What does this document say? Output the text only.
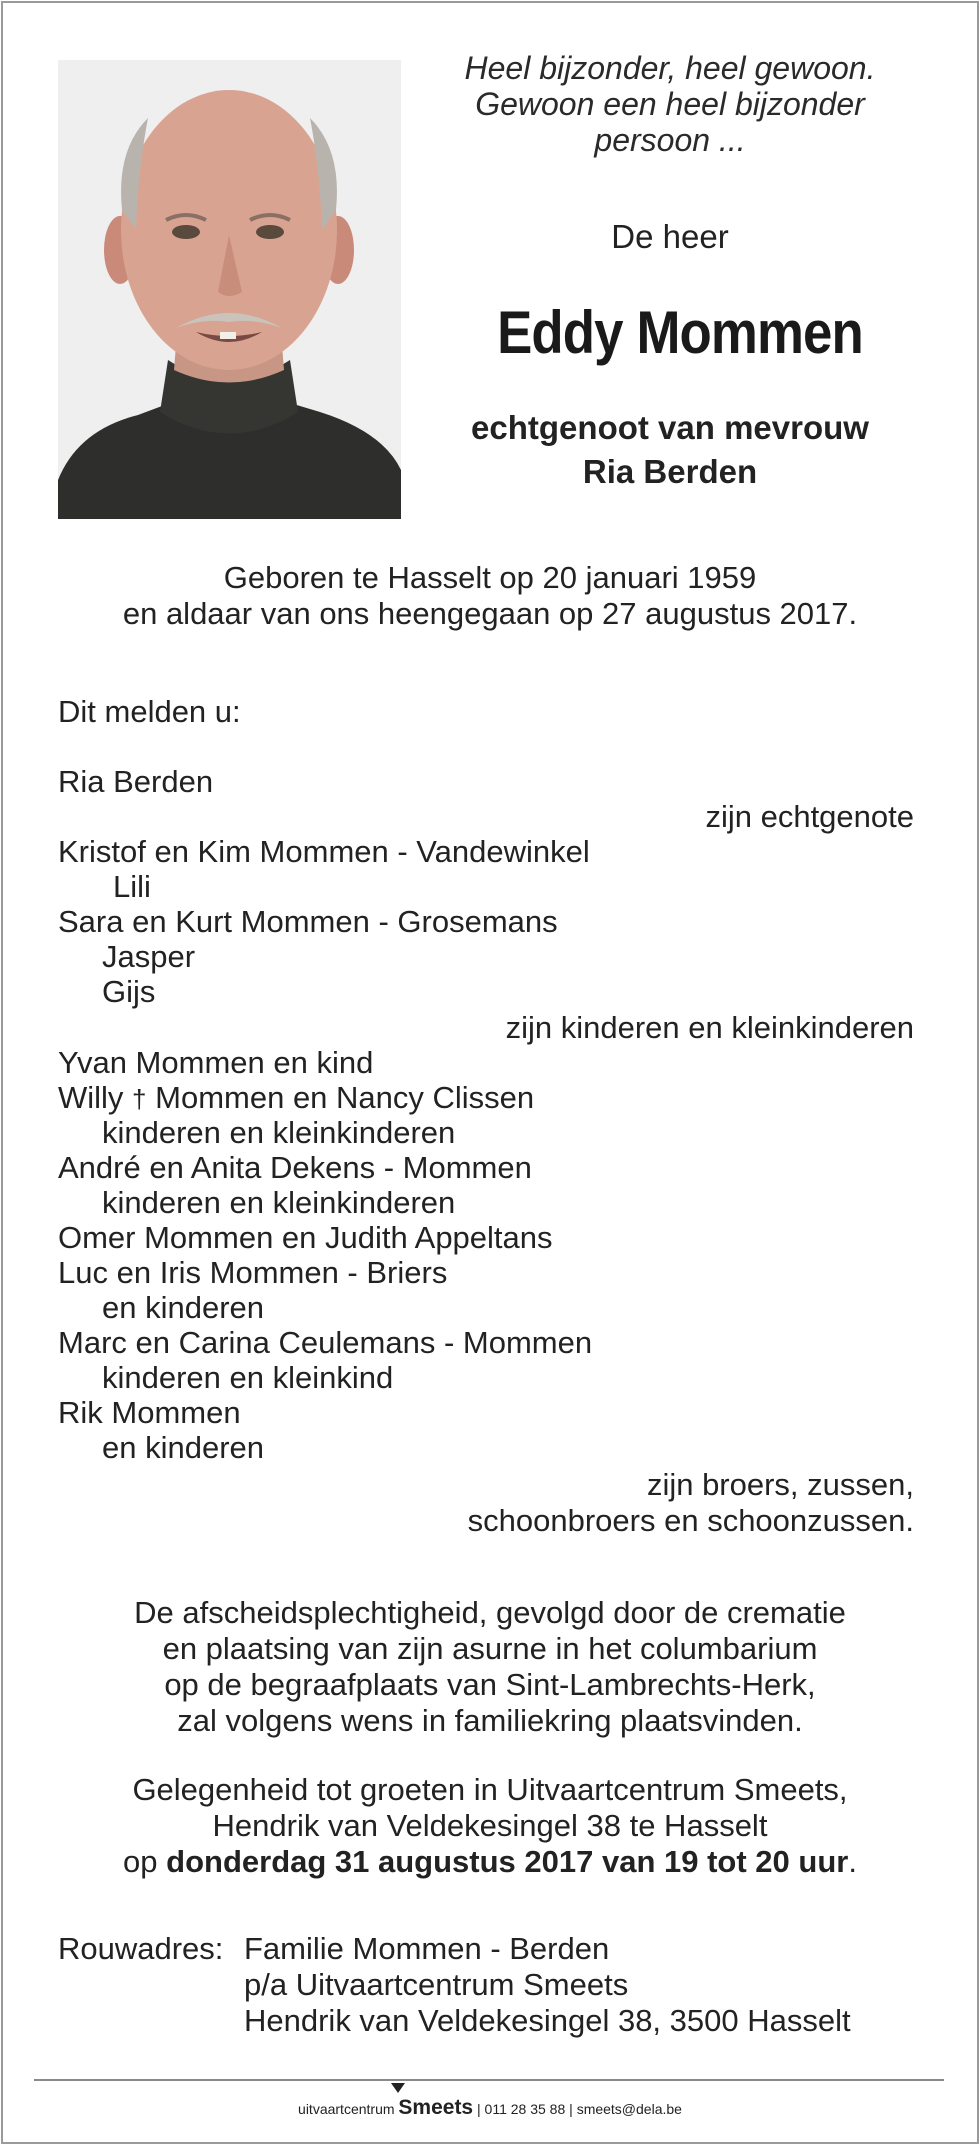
Heel bijzonder, heel gewoon.
Gewoon een heel bijzonder
persoon ...
De heer
Eddy Mommen
echtgenoot van mevrouw
Ria Berden
Geboren te Hasselt op 20 januari 1959
en aldaar van ons heengegaan op 27 augustus 2017.
Dit melden u:
Ria Berden
zijn echtgenote
Kristof en Kim Mommen - Vandewinkel
Lili
Sara en Kurt Mommen - Grosemans
Jasper
Gijs
zijn kinderen en kleinkinderen
Yvan Mommen en kind
Willy † Mommen en Nancy Clissen
kinderen en kleinkinderen
André en Anita Dekens - Mommen
kinderen en kleinkinderen
Omer Mommen en Judith Appeltans
Luc en Iris Mommen - Briers
en kinderen
Marc en Carina Ceulemans - Mommen
kinderen en kleinkind
Rik Mommen
en kinderen
zijn broers, zussen,
schoonbroers en schoonzussen.
De afscheidsplechtigheid, gevolgd door de crematie
en plaatsing van zijn asurne in het columbarium
op de begraafplaats van Sint-Lambrechts-Herk,
zal volgens wens in familiekring plaatsvinden.
Gelegenheid tot groeten in Uitvaartcentrum Smeets,
Hendrik van Veldekesingel 38 te Hasselt
op donderdag 31 augustus 2017 van 19 tot 20 uur.
Rouwadres: Familie Mommen - Berden
p/a Uitvaartcentrum Smeets
Hendrik van Veldekesingel 38, 3500 Hasselt
uitvaartcentrum Smeets | 011 28 35 88 | smeets@dela.be
